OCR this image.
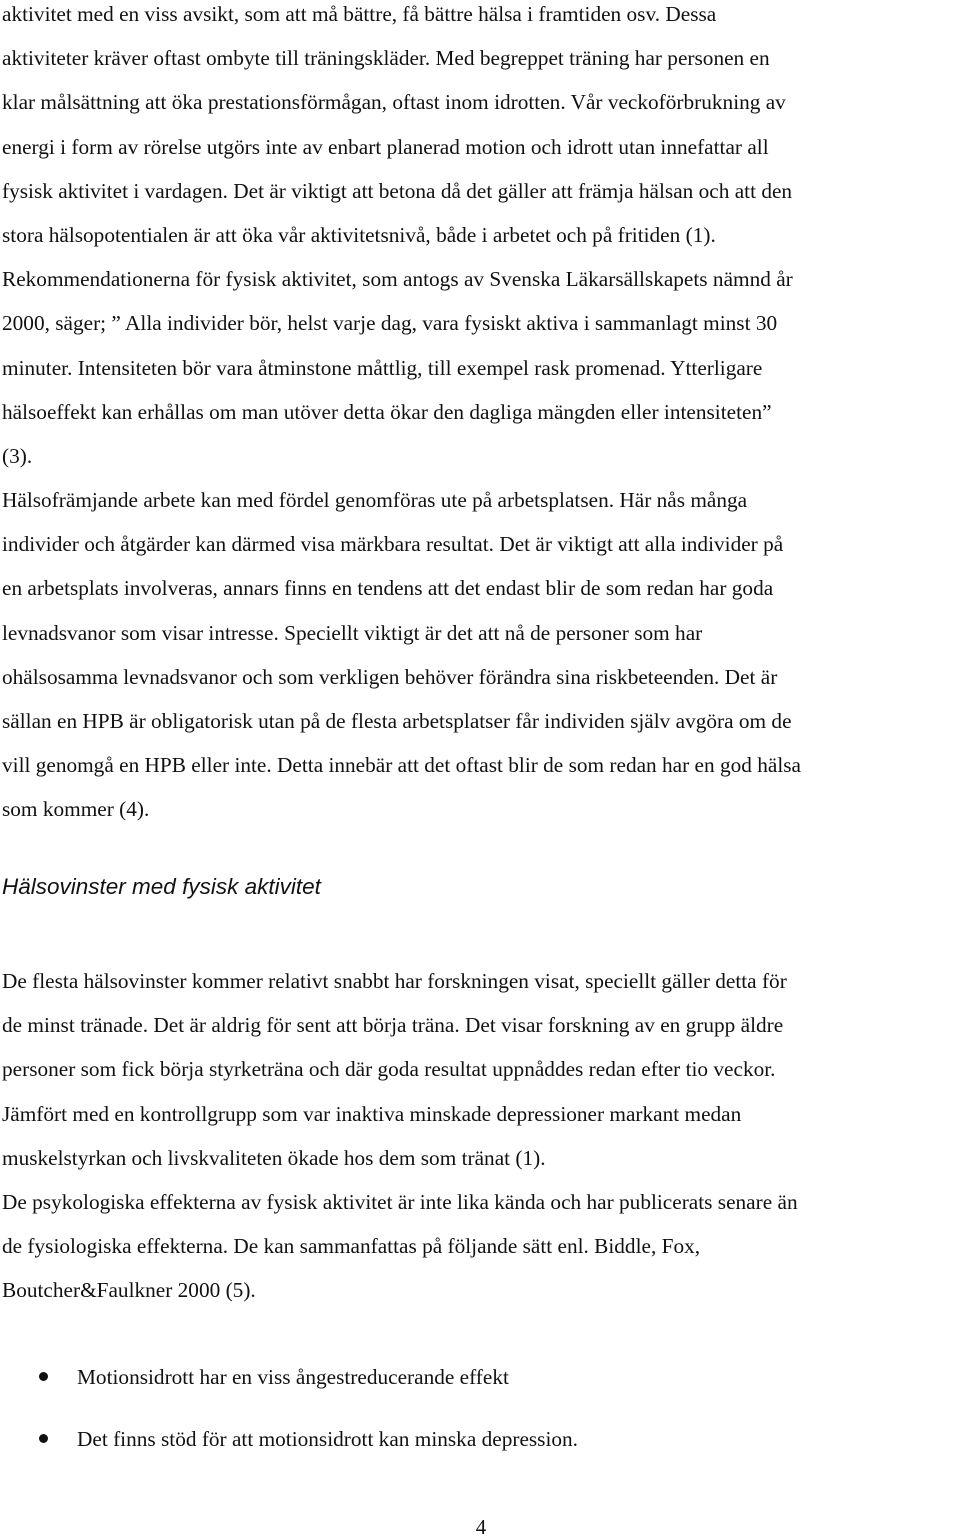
aktivitet med en viss avsikt, som att må bättre, få bättre hälsa i framtiden osv. Dessa
aktiviteter kräver oftast ombyte till träningskläder. Med begreppet träning har personen en
klar målsättning att öka prestationsförmågan, oftast inom idrotten. Vår veckoförbrukning av
energi i form av rörelse utgörs inte av enbart planerad motion och idrott utan innefattar all
fysisk aktivitet i vardagen. Det är viktigt att betona då det gäller att främja hälsan och att den
stora hälsopotentialen är att öka vår aktivitetsnivå, både i arbetet och på fritiden (1).
Rekommendationerna för fysisk aktivitet, som antogs av Svenska Läkarsällskapets nämnd år
2000, säger; ” Alla individer bör, helst varje dag, vara fysiskt aktiva i sammanlagt minst 30
minuter. Intensiteten bör vara åtminstone måttlig, till exempel rask promenad. Ytterligare
hälsoeffekt kan erhållas om man utöver detta ökar den dagliga mängden eller intensiteten”
(3).
Hälsofrämjande arbete kan med fördel genomföras ute på arbetsplatsen. Här nås många
individer och åtgärder kan därmed visa märkbara resultat. Det är viktigt att alla individer på
en arbetsplats involveras, annars finns en tendens att det endast blir de som redan har goda
levnadsvanor som visar intresse. Speciellt viktigt är det att nå de personer som har
ohälsosamma levnadsvanor och som verkligen behöver förändra sina riskbeteenden. Det är
sällan en HPB är obligatorisk utan på de flesta arbetsplatser får individen själv avgöra om de
vill genomgå en HPB eller inte. Detta innebär att det oftast blir de som redan har en god hälsa
som kommer (4).
Hälsovinster med fysisk aktivitet
De flesta hälsovinster kommer relativt snabbt har forskningen visat, speciellt gäller detta för
de minst tränade. Det är aldrig för sent att börja träna. Det visar forskning av en grupp äldre
personer som fick börja styrketräna och där goda resultat uppnåddes redan efter tio veckor.
Jämfört med en kontrollgrupp som var inaktiva minskade depressioner markant medan
muskelstyrkan och livskvaliteten ökade hos dem som tränat (1).
De psykologiska effekterna av fysisk aktivitet är inte lika kända och har publicerats senare än
de fysiologiska effekterna. De kan sammanfattas på följande sätt enl. Biddle, Fox,
Boutcher&Faulkner 2000 (5).
Motionsidrott har en viss ångestreducerande effekt
Det finns stöd för att motionsidrott kan minska depression.
4
